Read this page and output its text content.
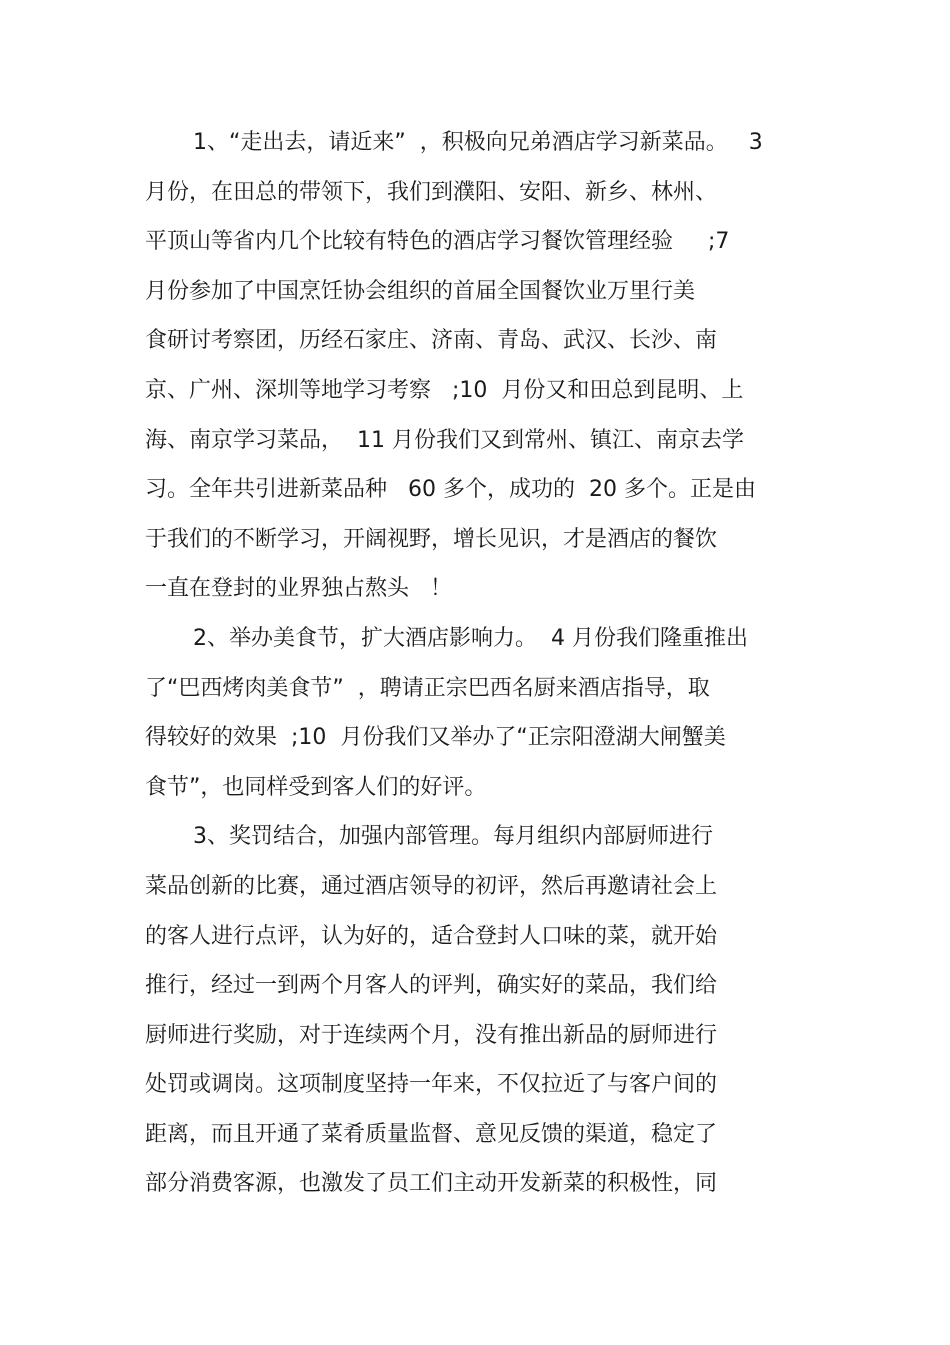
1、“走出去，请近来”  ，积极向兄弟酒店学习新菜品。   3
月份，在田总的带领下，我们到濮阳、安阳、新乡、林州、
平顶山等省内几个比较有特色的酒店学习餐饮管理经验     ;7
月份参加了中国烹饪协会组织的首届全国餐饮业万里行美
食研讨考察团，历经石家庄、济南、青岛、武汉、长沙、南
京、广州、深圳等地学习考察   ;10  月份又和田总到昆明、上
海、南京学习菜品，  11 月份我们又到常州、镇江、南京去学
习。全年共引进新菜品种   60 多个，成功的  20 多个。正是由
于我们的不断学习，开阔视野，增长见识，才是酒店的餐饮
一直在登封的业界独占熬头   ！
2、举办美食节，扩大酒店影响力。  4 月份我们隆重推出
了“巴西烤肉美食节”  ，聘请正宗巴西名厨来酒店指导，取
得较好的效果  ;10  月份我们又举办了“正宗阳澄湖大闸蟹美
食节”，也同样受到客人们的好评。
3、奖罚结合，加强内部管理。每月组织内部厨师进行
菜品创新的比赛，通过酒店领导的初评，然后再邀请社会上
的客人进行点评，认为好的，适合登封人口味的菜，就开始
推行，经过一到两个月客人的评判，确实好的菜品，我们给
厨师进行奖励，对于连续两个月，没有推出新品的厨师进行
处罚或调岗。这项制度坚持一年来，不仅拉近了与客户间的
距离，而且开通了菜肴质量监督、意见反馈的渠道，稳定了
部分消费客源，也激发了员工们主动开发新菜的积极性，同
